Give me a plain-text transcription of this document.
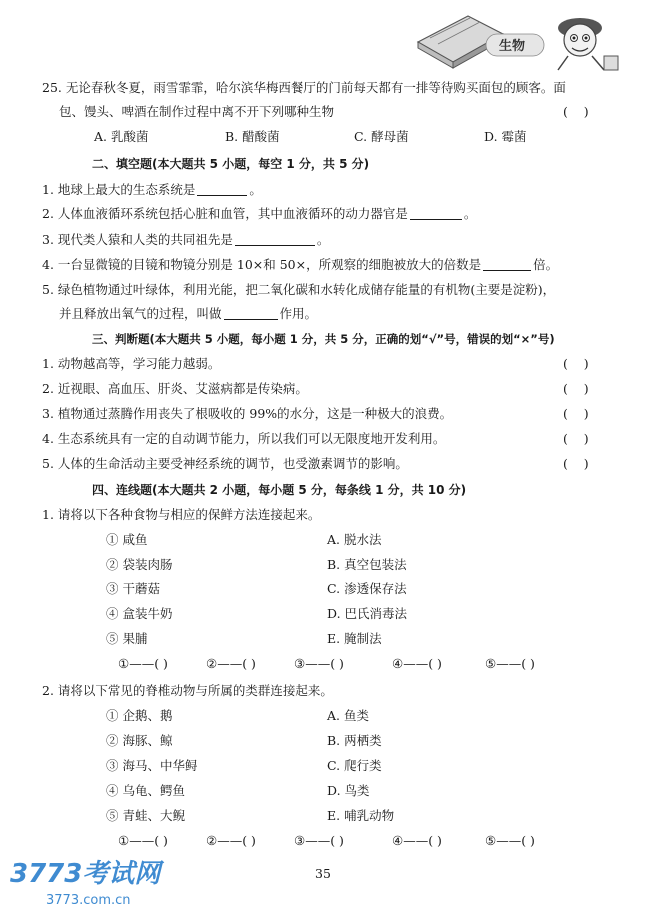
生物
25. 无论春秋冬夏，雨雪霏霏，哈尔滨华梅西餐厅的门前每天都有一排等待购买面包的顾客。面
包、馒头、啤酒在制作过程中离不开下列哪种生物	(    )
A. 乳酸菌	B. 醋酸菌	C. 酵母菌	D. 霉菌
二、填空题(本大题共 5 小题，每空 1 分，共 5 分)
1. 地球上最大的生态系统是	。
2. 人体血液循环系统包括心脏和血管，其中血液循环的动力器官是	。
3. 现代类人猿和人类的共同祖先是	。
4. 一台显微镜的目镜和物镜分别是 10×和 50×，所观察的细胞被放大的倍数是	倍。
5. 绿色植物通过叶绿体，利用光能，把二氧化碳和水转化成储存能量的有机物(主要是淀粉)，
并且释放出氧气的过程，叫做	作用。
三、判断题(本大题共 5 小题，每小题 1 分，共 5 分，正确的划“√”号，错误的划“×”号)
1. 动物越高等，学习能力越弱。	(    )
2. 近视眼、高血压、肝炎、艾滋病都是传染病。	(    )
3. 植物通过蒸腾作用丧失了根吸收的 99%的水分，这是一种极大的浪费。	(    )
4. 生态系统具有一定的自动调节能力，所以我们可以无限度地开发利用。	(    )
5. 人体的生命活动主要受神经系统的调节，也受激素调节的影响。	(    )
四、连线题(本大题共 2 小题，每小题 5 分，每条线 1 分，共 10 分)
1. 请将以下各种食物与相应的保鲜方法连接起来。
① 咸鱼	A. 脱水法
② 袋装肉肠	B. 真空包装法
③ 干蘑菇	C. 渗透保存法
④ 盒装牛奶	D. 巴氏消毒法
⑤ 果脯	E. 腌制法
①——( )	②——( )	③——( )	④——( )	⑤——( )
2. 请将以下常见的脊椎动物与所属的类群连接起来。
① 企鹅、鹅	A. 鱼类
② 海豚、鲸	B. 两栖类
③ 海马、中华鲟	C. 爬行类
④ 乌龟、鳄鱼	D. 鸟类
⑤ 青蛙、大鲵	E. 哺乳动物
①——( )	②——( )	③——( )	④——( )	⑤——( )
35
3773考试网
3773.com.cn
